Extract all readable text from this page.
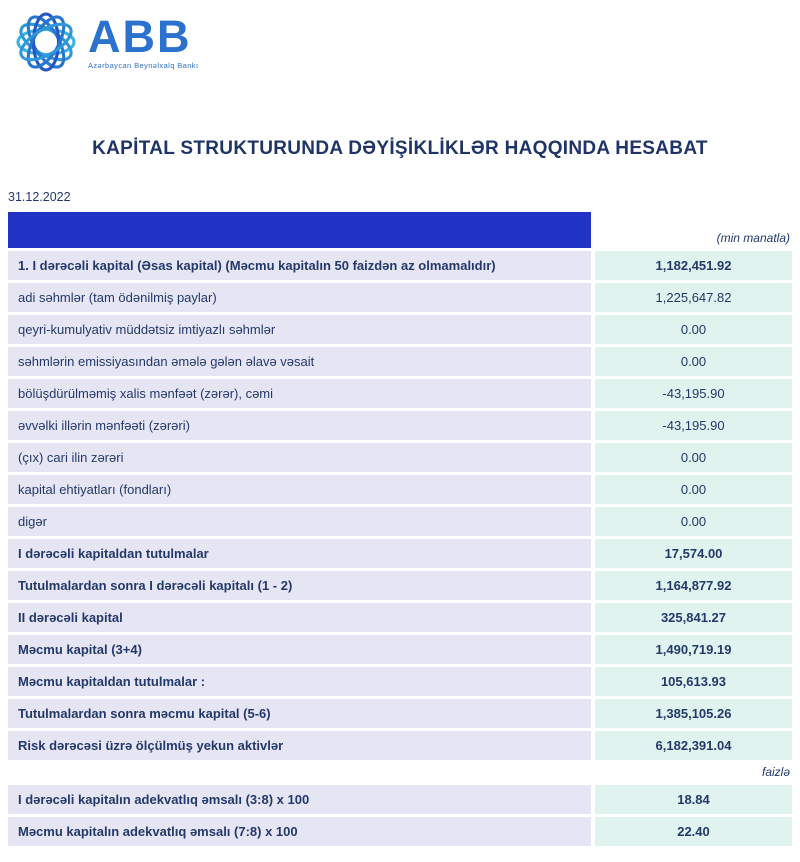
ABB
Azərbaycan Beynəlxalq Bankı
KAPİTAL STRUKTURUNDA DƏYİŞİKLİKLƏR HAQQINDA HESABAT
31.12.2022
(min manatla)
1. I dərəcəli kapital (Əsas kapital) (Məcmu kapitalın 50 faizdən az olmamalıdır)	1,182,451.92
adi səhmlər (tam ödənilmiş paylar)	1,225,647.82
qeyri-kumulyativ müddətsiz imtiyazlı səhmlər	0.00
səhmlərin emissiyasından əmələ gələn əlavə vəsait	0.00
bölüşdürülməmiş xalis mənfəət (zərər), cəmi	-43,195.90
əvvəlki illərin mənfəəti (zərəri)	-43,195.90
(çıx) cari ilin zərəri	0.00
kapital ehtiyatları (fondları)	0.00
digər	0.00
I dərəcəli kapitaldan tutulmalar	17,574.00
Tutulmalardan sonra I dərəcəli kapitalı (1 - 2)	1,164,877.92
II dərəcəli kapital	325,841.27
Məcmu kapital (3+4)	1,490,719.19
Məcmu kapitaldan tutulmalar :	105,613.93
Tutulmalardan sonra məcmu kapital (5-6)	1,385,105.26
Risk dərəcəsi üzrə ölçülmüş yekun aktivlər	6,182,391.04
faizlə
I dərəcəli kapitalın adekvatlıq əmsalı (3:8) x 100	18.84
Məcmu kapitalın adekvatlıq əmsalı (7:8) x 100	22.40
